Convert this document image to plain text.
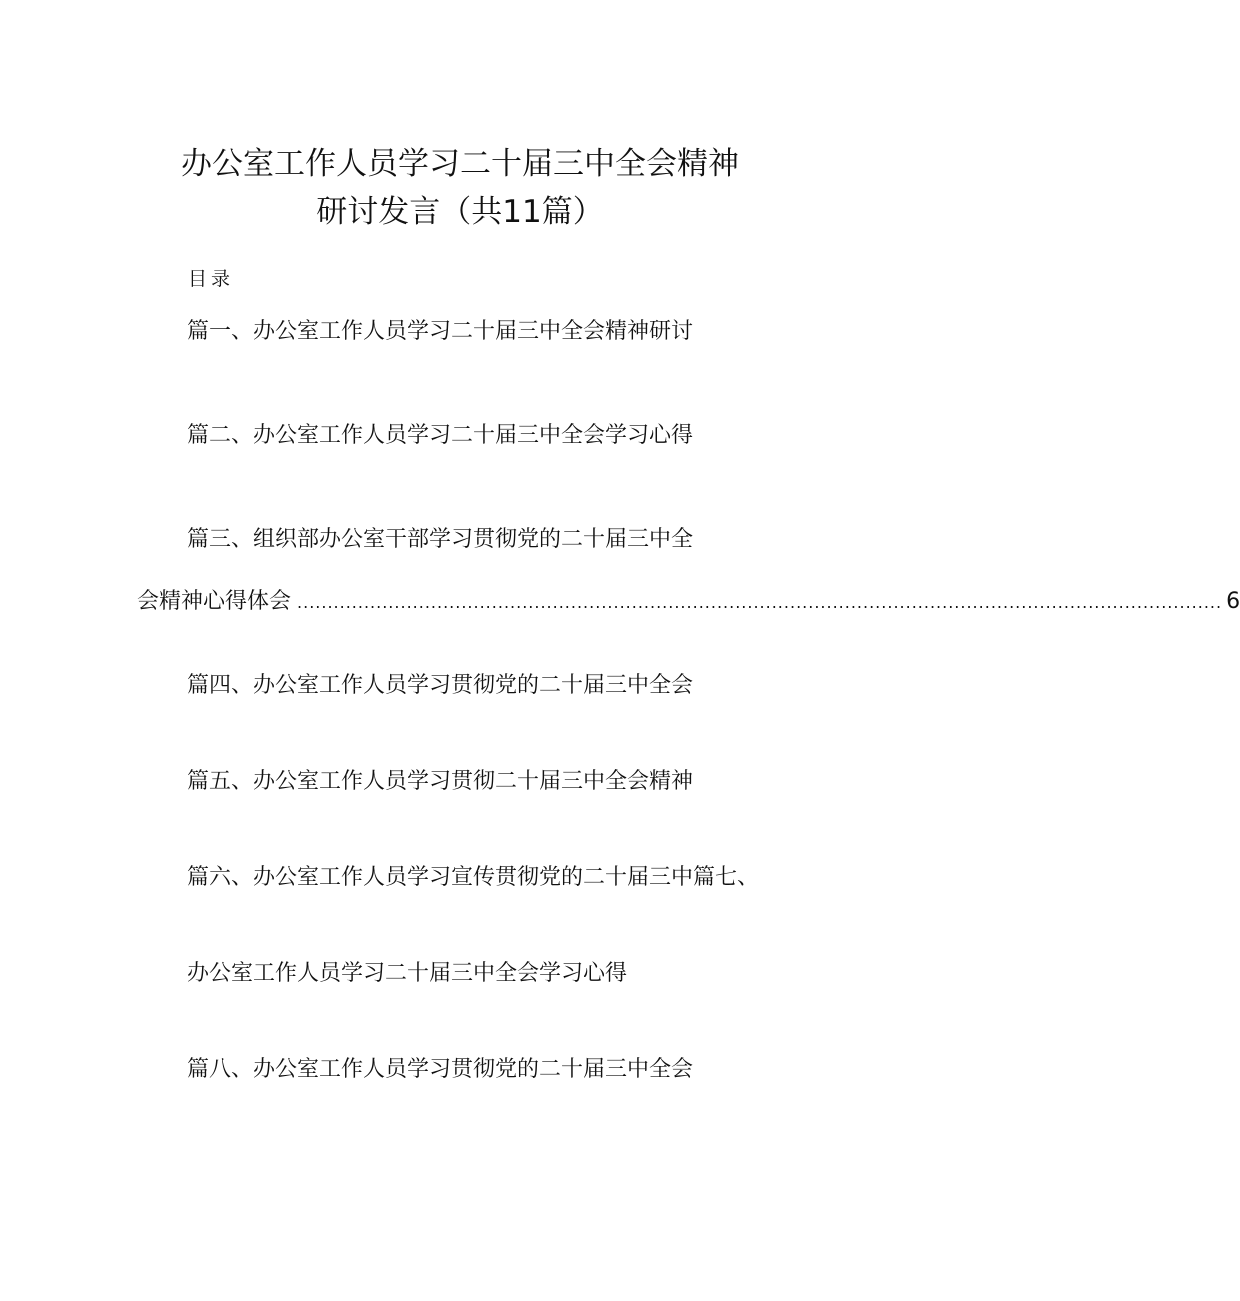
办公室工作人员学习二十届三中全会精神
研讨发言（共11篇）
目录
篇一、办公室工作人员学习二十届三中全会精神研讨
篇二、办公室工作人员学习二十届三中全会学习心得
篇三、组织部办公室干部学习贯彻党的二十届三中全
会精神心得体会 ........................................................................................................................................................ 6
篇四、办公室工作人员学习贯彻党的二十届三中全会
篇五、办公室工作人员学习贯彻二十届三中全会精神
篇六、办公室工作人员学习宣传贯彻党的二十届三中篇七、
办公室工作人员学习二十届三中全会学习心得
篇八、办公室工作人员学习贯彻党的二十届三中全会
